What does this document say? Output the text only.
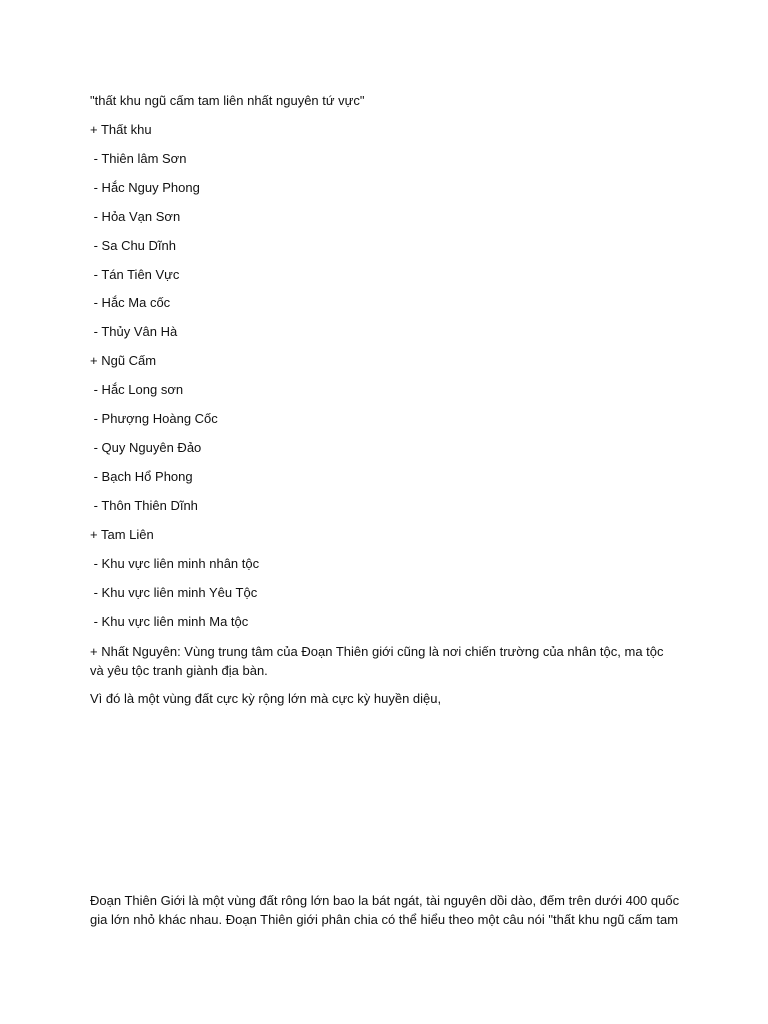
"thất khu ngũ cấm tam liên nhất nguyên tứ vực"

+ Thất khu

- Thiên lâm Sơn

- Hắc Nguy Phong

- Hỏa Vạn Sơn

- Sa Chu Dĩnh

- Tán Tiên Vực

- Hắc Ma cốc

- Thủy Vân Hà

+ Ngũ Cấm

- Hắc Long sơn

- Phượng Hoàng Cốc

- Quy Nguyên Đảo

- Bạch Hổ Phong

- Thôn Thiên Dĩnh

+ Tam Liên

- Khu vực liên minh nhân tộc

- Khu vực liên minh Yêu Tộc

- Khu vực liên minh Ma tộc

+ Nhất Nguyên: Vùng trung tâm của Đoạn Thiên giới cũng là nơi chiến trường của nhân tộc, ma tộc và yêu tộc tranh giành địa bàn.

Vì đó là một vùng đất cực kỳ rộng lớn mà cực kỳ huyền diệu,

Đoạn Thiên Giới là một vùng đất rông lớn bao la bát ngát, tài nguyên dồi dào, đếm trên dưới 400 quốc gia lớn nhỏ khác nhau. Đoạn Thiên giới phân chia có thể hiểu theo một câu nói "thất khu ngũ cấm tam
